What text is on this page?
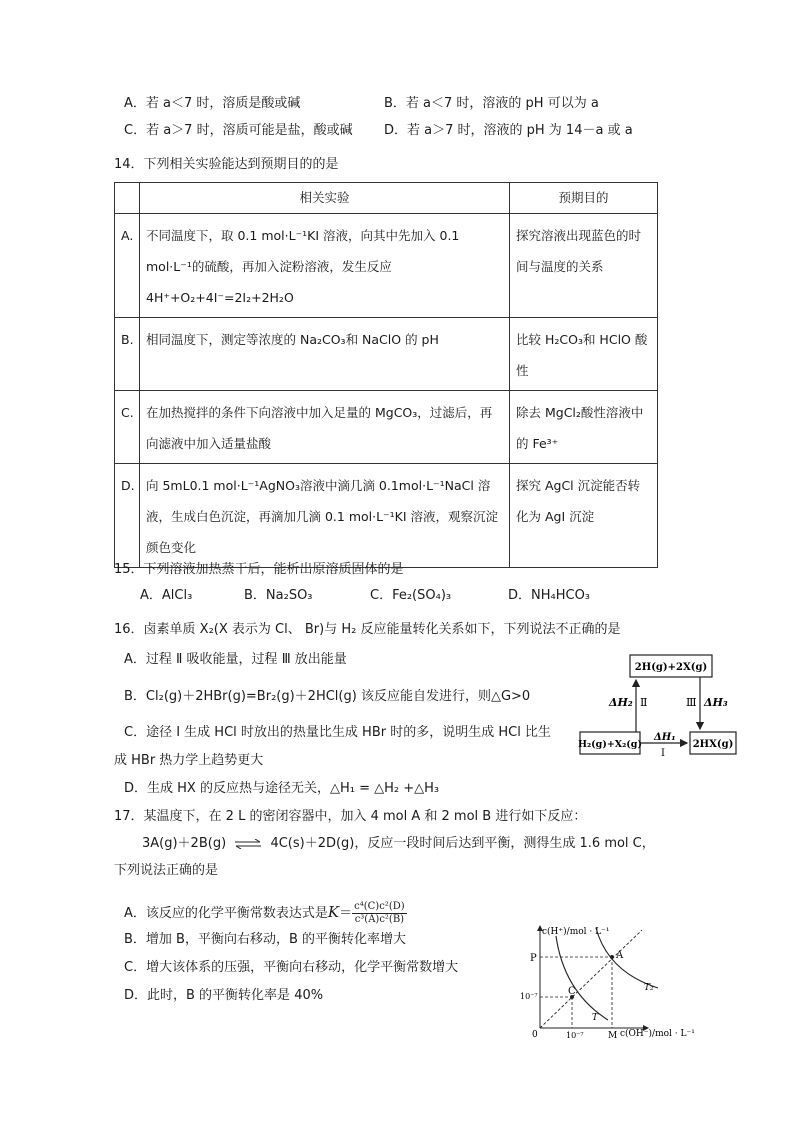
A．若 a＜7 时，溶质是酸或碱	B．若 a＜7 时，溶液的 pH 可以为 a
C．若 a＞7 时，溶质可能是盐，酸或碱 D．若 a＞7 时，溶液的 pH 为 14－a 或 a
14．下列相关实验能达到预期目的的是
	相关实验	预期目的
A.	不同温度下，取 0.1 mol·L⁻¹KI 溶液，向其中先加入 0.1 mol·L⁻¹的硫酸，再加入淀粉溶液，发生反应 4H⁺+O₂+4I⁻=2I₂+2H₂O	探究溶液出现蓝色的时间与温度的关系
B.	相同温度下，测定等浓度的 Na₂CO₃和 NaClO 的 pH	比较 H₂CO₃和 HClO 酸性
C.	在加热搅拌的条件下向溶液中加入足量的 MgCO₃，过滤后，再向滤液中加入适量盐酸	除去 MgCl₂酸性溶液中的 Fe³⁺
D.	向 5mL0.1 mol·L⁻¹AgNO₃溶液中滴几滴 0.1mol·L⁻¹NaCl 溶液，生成白色沉淀，再滴加几滴 0.1 mol·L⁻¹KI 溶液，观察沉淀颜色变化	探究 AgCl 沉淀能否转化为 AgI 沉淀
15．下列溶液加热蒸干后，能析出原溶质固体的是
A．AlCl₃	B．Na₂SO₃	C．Fe₂(SO₄)₃	D．NH₄HCO₃
16．卤素单质 X₂(X 表示为 Cl、 Br)与 H₂ 反应能量转化关系如下，下列说法不正确的是
A．过程 Ⅱ 吸收能量，过程 Ⅲ 放出能量
B．Cl₂(g)＋2HBr(g)=Br₂(g)＋2HCl(g) 该反应能自发进行，则△G>0
C．途径 I 生成 HCl 时放出的热量比生成 HBr 时的多，说明生成 HCl 比生
成 HBr 热力学上趋势更大
D．生成 HX 的反应热与途径无关，△H₁ = △H₂ +△H₃
2H(g)+2X(g)
H₂(g)+X₂(g)	2HX(g)
ΔH₂ Ⅱ	Ⅲ ΔH₃
ΔH₁
Ⅰ
17．某温度下，在 2 L 的密闭容器中，加入 4 mol A 和 2 mol B 进行如下反应：
3A(g)＋2B(g) ⇌ 4C(s)＋2D(g)，反应一段时间后达到平衡，测得生成 1.6 mol C，
下列说法正确的是
A．该反应的化学平衡常数表达式是$K= \frac{\text{c⁴(C)c²(D)}}{\text{c³(A)c²(B)}}$
B．增加 B，平衡向右移动，B 的平衡转化率增大
C．增大该体系的压强，平衡向右移动，化学平衡常数增大
D．此时，B 的平衡转化率是 40%
c(H⁺)/mol · L⁻¹
c(OH⁻)/mol · L⁻¹
P	A
C
10⁻⁷
10⁻⁷	M
0
T
T₂
